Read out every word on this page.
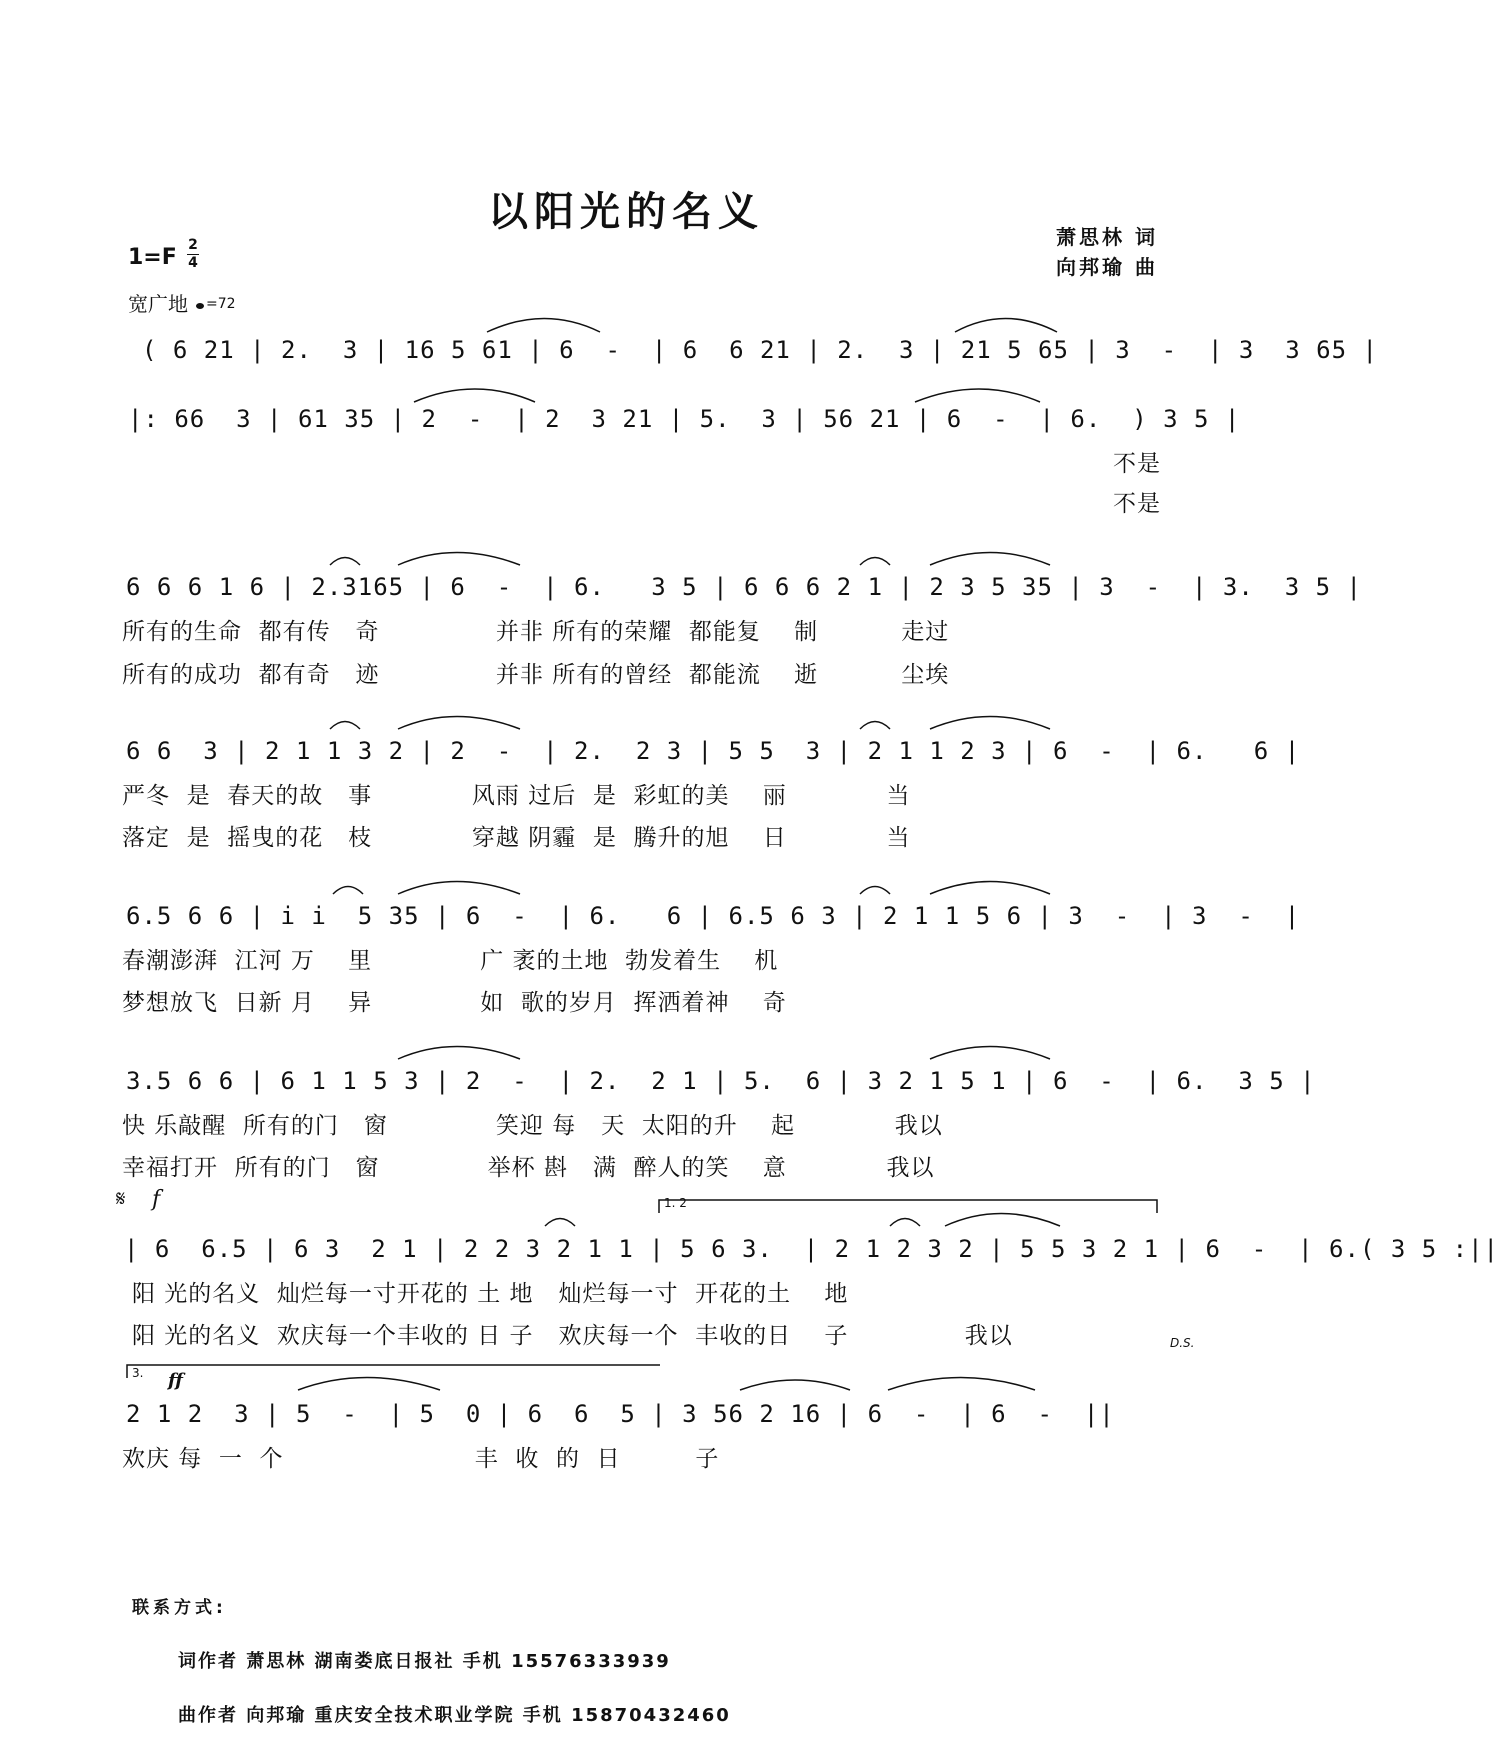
以阳光的名义
萧思林 词
向邦瑜 曲
1=F 2
4
宽广地 =72
( 6 21 | 2.  3 | 16 5 61 | 6  -  | 6  6 21 | 2.  3 | 21 5 65 | 3  -  | 3  3 65 |
|: 66  3 | 61 35 | 2  -  | 2  3 21 | 5.  3 | 56 21 | 6  -  | 6.  ) 3 5 |
不是
不是
6 6 6 1 6 | 2.3165 | 6  -  | 6.   3 5 | 6 6 6 2 1 | 2 3 5 35 | 3  -  | 3.  3 5 |
所有的生命  都有传   奇              并非 所有的荣耀  都能复    制          走过
所有的成功  都有奇   迹              并非 所有的曾经  都能流    逝          尘埃
6 6  3 | 2 1 1 3 2 | 2  -  | 2.  2 3 | 5 5  3 | 2 1 1 2 3 | 6  -  | 6.   6 |
严冬  是  春天的故   事            风雨 过后  是  彩虹的美    丽            当
落定  是  摇曳的花   枝            穿越 阴霾  是  腾升的旭    日            当
6.5 6 6 | i i  5 35 | 6  -  | 6.   6 | 6.5 6 3 | 2 1 1 5 6 | 3  -  | 3  -  |
春潮澎湃  江河 万    里             广 袤的土地  勃发着生    机
梦想放飞  日新 月    异             如  歌的岁月  挥洒着神    奇
3.5 6 6 | 6 1 1 5 3 | 2  -  | 2.  2 1 | 5.  6 | 3 2 1 5 1 | 6  -  | 6.  3 5 |
快 乐敲醒  所有的门   窗             笑迎 每   天  太阳的升    起            我以
幸福打开  所有的门   窗             举杯 斟   满  醉人的笑    意            我以
𝄋 f	1. 2
| 6  6.5 | 6 3  2 1 | 2 2 3 2 1 1 | 5 6 3.  | 2 1 2 3 2 | 5 5 3 2 1 | 6  -  | 6.( 3 5 :||
阳 光的名义  灿烂每一寸开花的 土 地   灿烂每一寸  开花的土    地
阳 光的名义  欢庆每一个丰收的 日 子   欢庆每一个  丰收的日    子              我以	D.S.
3. ff
2 1 2  3 | 5  -  | 5  0 | 6  6  5 | 3 56 2 16 | 6  -  | 6  -  ||
欢庆 每  一  个                       丰  收  的  日         子
联系方式:
词作者 萧思林 湖南娄底日报社 手机 15576333939
曲作者 向邦瑜 重庆安全技术职业学院 手机 15870432460
